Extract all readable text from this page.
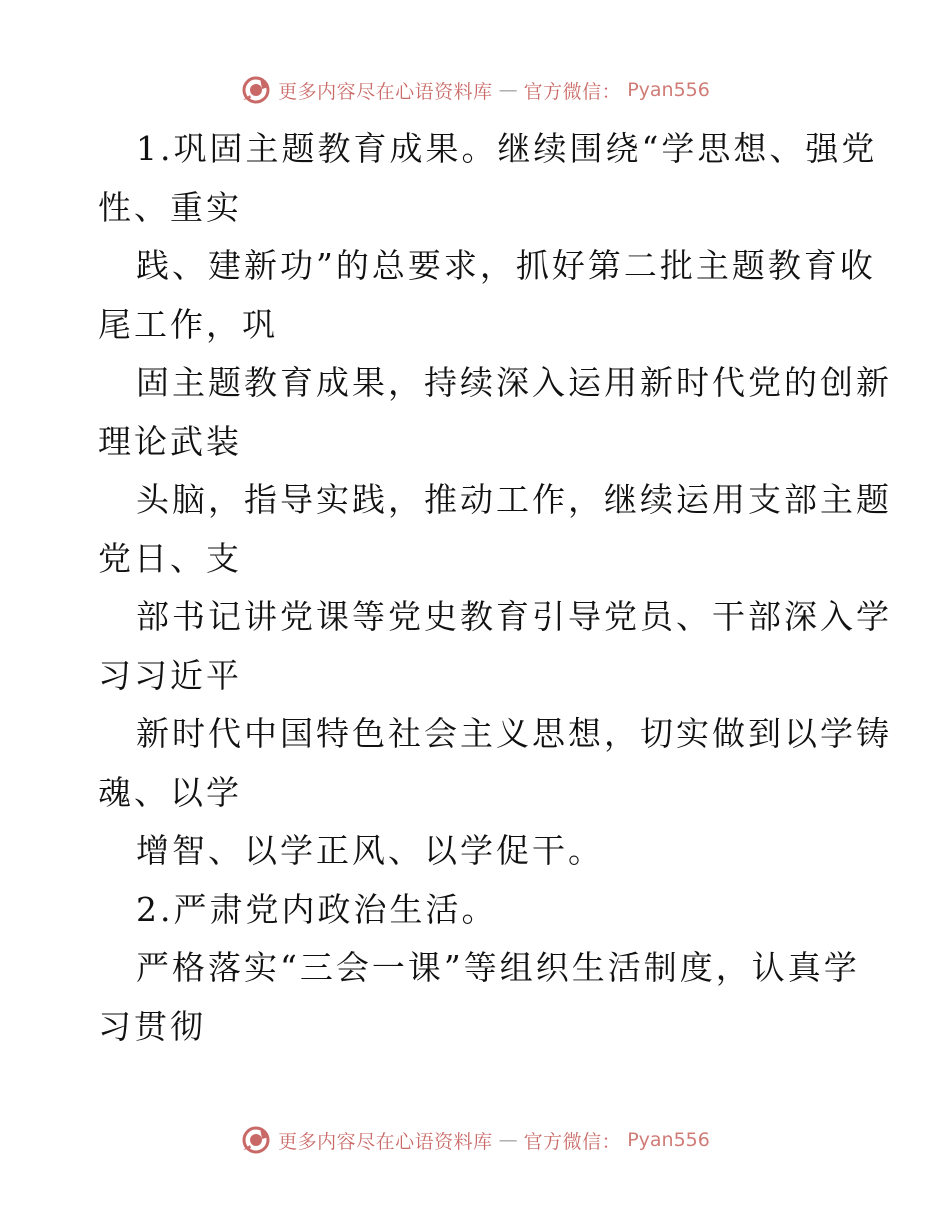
更多内容尽在心语资料库 — 官方微信： Pyan556
1.巩固主题教育成果。继续围绕“学思想、强党
性、重实
践、建新功”的总要求，抓好第二批主题教育收
尾工作，巩
固主题教育成果，持续深入运用新时代党的创新
理论武装
头脑，指导实践，推动工作，继续运用支部主题
党日、支
部书记讲党课等党史教育引导党员、干部深入学
习习近平
新时代中国特色社会主义思想，切实做到以学铸
魂、以学
增智、以学正风、以学促干。
2.严肃党内政治生活。
严格落实“三会一课”等组织生活制度，认真学
习贯彻
更多内容尽在心语资料库 — 官方微信： Pyan556
